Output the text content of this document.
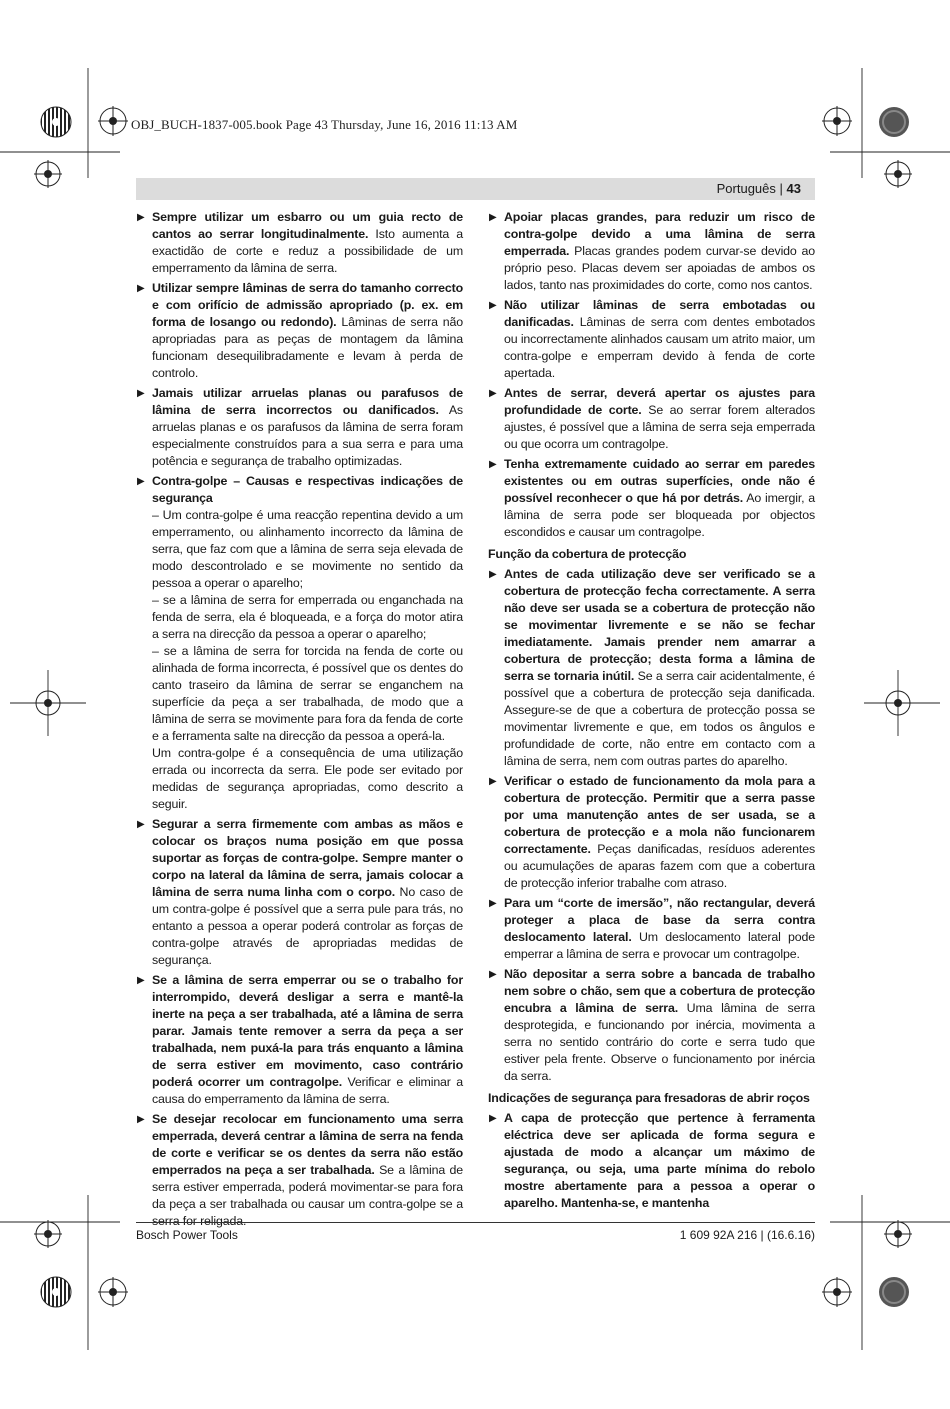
OBJ_BUCH-1837-005.book Page 43 Thursday, June 16, 2016 11:13 AM
Português | 43
▶ Sempre utilizar um esbarro ou um guia recto de cantos ao serrar longitudinalmente. Isto aumenta a exactidão de corte e reduz a possibilidade de um emperramento da lâmina de serra.
▶ Utilizar sempre lâminas de serra do tamanho correcto e com orifício de admissão apropriado (p. ex. em forma de losango ou redondo). Lâminas de serra não apropriadas para as peças de montagem da lâmina funcionam desequilibradamente e levam à perda de controlo.
▶ Jamais utilizar arruelas planas ou parafusos de lâmina de serra incorrectos ou danificados. As arruelas planas e os parafusos da lâmina de serra foram especialmente construídos para a sua serra e para uma potência e segurança de trabalho optimizadas.
▶ Contra-golpe – Causas e respectivas indicações de segurança
– Um contra-golpe é uma reacção repentina devido a um emperramento, ou alinhamento incorrecto da lâmina de serra, que faz com que a lâmina de serra seja elevada de modo descontrolado e se movimente no sentido da pessoa a operar o aparelho;
– se a lâmina de serra for emperrada ou enganchada na fenda de serra, ela é bloqueada, e a força do motor atira a serra na direcção da pessoa a operar o aparelho;
– se a lâmina de serra for torcida na fenda de corte ou alinhada de forma incorrecta, é possível que os dentes do canto traseiro da lâmina de serrar se enganchem na superfície da peça a ser trabalhada, de modo que a lâmina de serra se movimente para fora da fenda de corte e a ferramenta salte na direcção da pessoa a operá-la.
Um contra-golpe é a consequência de uma utilização errada ou incorrecta da serra. Ele pode ser evitado por medidas de segurança apropriadas, como descrito a seguir.
▶ Segurar a serra firmemente com ambas as mãos e colocar os braços numa posição em que possa suportar as forças de contra-golpe. Sempre manter o corpo na lateral da lâmina de serra, jamais colocar a lâmina de serra numa linha com o corpo. No caso de um contra-golpe é possível que a serra pule para trás, no entanto a pessoa a operar poderá controlar as forças de contra-golpe através de apropriadas medidas de segurança.
▶ Se a lâmina de serra emperrar ou se o trabalho for interrompido, deverá desligar a serra e mantê-la inerte na peça a ser trabalhada, até a lâmina de serra parar. Jamais tente remover a serra da peça a ser trabalhada, nem puxá-la para trás enquanto a lâmina de serra estiver em movimento, caso contrário poderá ocorrer um contragolpe. Verificar e eliminar a causa do emperramento da lâmina de serra.
▶ Se desejar recolocar em funcionamento uma serra emperrada, deverá centrar a lâmina de serra na fenda de corte e verificar se os dentes da serra não estão emperrados na peça a ser trabalhada. Se a lâmina de serra estiver emperrada, poderá movimentar-se para fora da peça a ser trabalhada ou causar um contra-golpe se a serra for religada.
▶ Apoiar placas grandes, para reduzir um risco de contra-golpe devido a uma lâmina de serra emperrada. Placas grandes podem curvar-se devido ao próprio peso. Placas devem ser apoiadas de ambos os lados, tanto nas proximidades do corte, como nos cantos.
▶ Não utilizar lâminas de serra embotadas ou danificadas. Lâminas de serra com dentes embotados ou incorrectamente alinhados causam um atrito maior, um contra-golpe e emperram devido à fenda de corte apertada.
▶ Antes de serrar, deverá apertar os ajustes para profundidade de corte. Se ao serrar forem alterados ajustes, é possível que a lâmina de serra seja emperrada ou que ocorra um contragolpe.
▶ Tenha extremamente cuidado ao serrar em paredes existentes ou em outras superfícies, onde não é possível reconhecer o que há por detrás. Ao imergir, a lâmina de serra pode ser bloqueada por objectos escondidos e causar um contragolpe.
Função da cobertura de protecção
▶ Antes de cada utilização deve ser verificado se a cobertura de protecção fecha correctamente. A serra não deve ser usada se a cobertura de protecção não se movimentar livremente e se não se fechar imediatamente. Jamais prender nem amarrar a cobertura de protecção; desta forma a lâmina de serra se tornaria inútil. Se a serra cair acidentalmente, é possível que a cobertura de protecção seja danificada. Assegure-se de que a cobertura de protecção possa se movimentar livremente e que, em todos os ângulos e profundidade de corte, não entre em contacto com a lâmina de serra, nem com outras partes do aparelho.
▶ Verificar o estado de funcionamento da mola para a cobertura de protecção. Permitir que a serra passe por uma manutenção antes de ser usada, se a cobertura de protecção e a mola não funcionarem correctamente. Peças danificadas, resíduos aderentes ou acumulações de aparas fazem com que a cobertura de protecção inferior trabalhe com atraso.
▶ Para um “corte de imersão”, não rectangular, deverá proteger a placa de base da serra contra deslocamento lateral. Um deslocamento lateral pode emperrar a lâmina de serra e provocar um contragolpe.
▶ Não depositar a serra sobre a bancada de trabalho nem sobre o chão, sem que a cobertura de protecção encubra a lâmina de serra. Uma lâmina de serra desprotegida, e funcionando por inércia, movimenta a serra no sentido contrário do corte e serra tudo que estiver pela frente. Observe o funcionamento por inércia da serra.
Indicações de segurança para fresadoras de abrir roços
▶ A capa de protecção que pertence à ferramenta eléctrica deve ser aplicada de forma segura e ajustada de modo a alcançar um máximo de segurança, ou seja, uma parte mínima do rebolo mostre abertamente para a pessoa a operar o aparelho. Mantenha-se, e mantenha
Bosch Power Tools	1 609 92A 216 | (16.6.16)
